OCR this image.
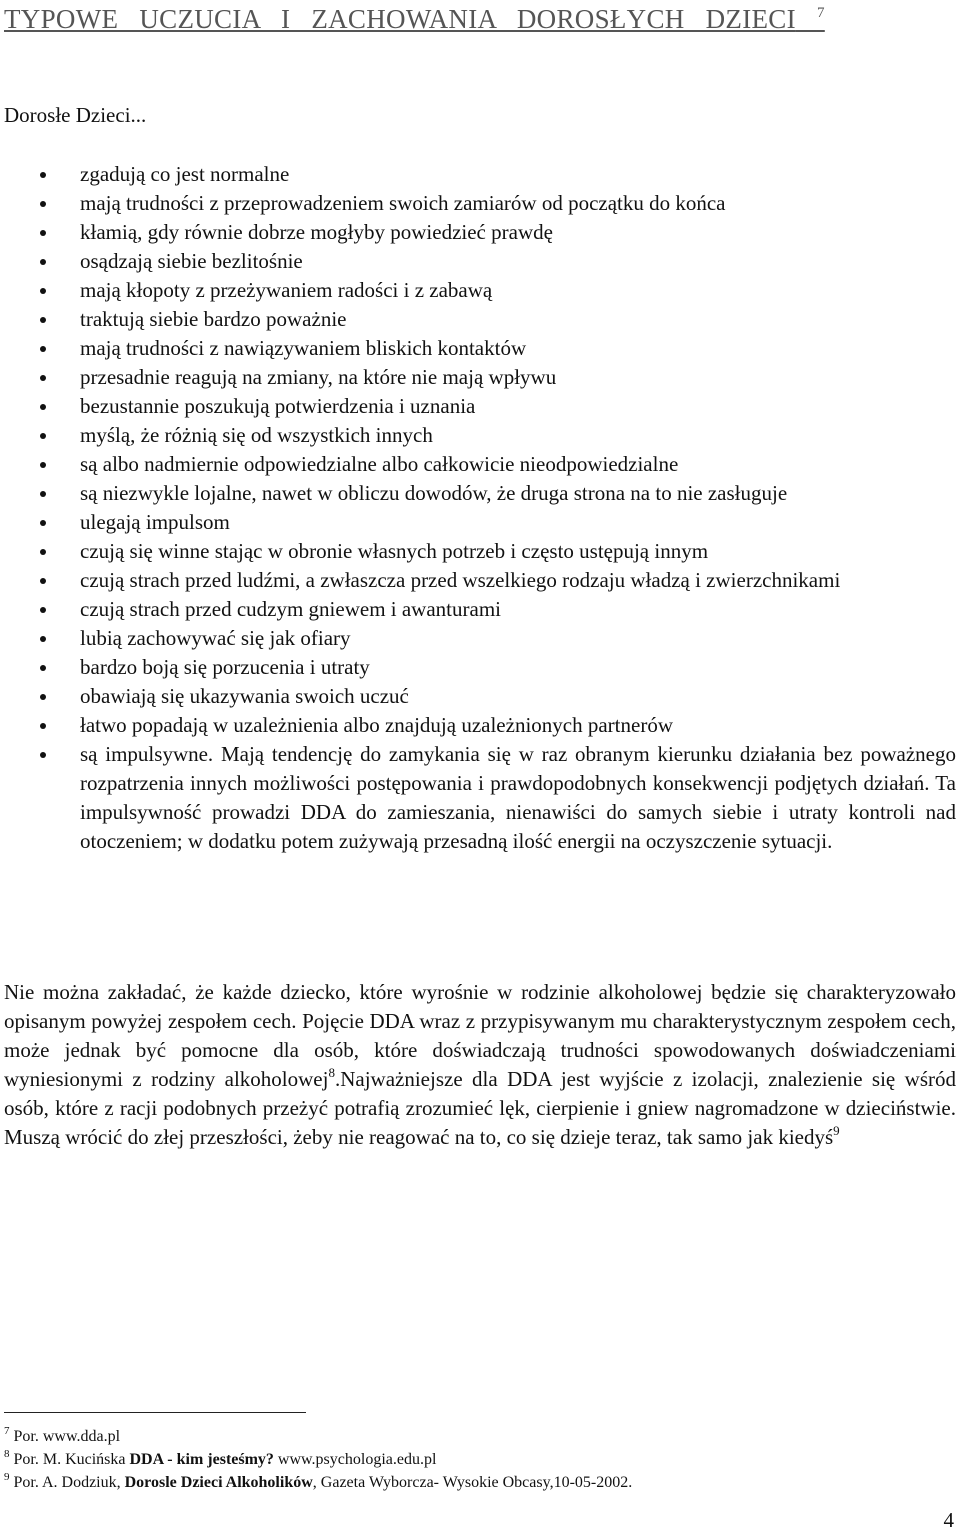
TYPOWE UCZUCIA I ZACHOWANIA DOROSŁYCH DZIECI $^7$
Dorosłe Dzieci...
zgadują co jest normalne
mają trudności z przeprowadzeniem swoich zamiarów od początku do końca
kłamią, gdy równie dobrze mogłyby powiedzieć prawdę
osądzają siebie bezlitośnie
mają kłopoty z przeżywaniem radości i z zabawą
traktują siebie bardzo poważnie
mają trudności z nawiązywaniem bliskich kontaktów
przesadnie reagują na zmiany, na które nie mają wpływu
bezustannie poszukują potwierdzenia i uznania
myślą, że różnią się od wszystkich innych
są albo nadmiernie odpowiedzialne albo całkowicie nieodpowiedzialne
są niezwykle lojalne, nawet w obliczu dowodów, że druga strona na to nie zasługuje
ulegają impulsom
czują się winne stając w obronie własnych potrzeb i często ustępują innym
czują strach przed ludźmi, a zwłaszcza przed wszelkiego rodzaju władzą i zwierzchnikami
czują strach przed cudzym gniewem i awanturami
lubią zachowywać się jak ofiary
bardzo boją się porzucenia i utraty
obawiają się ukazywania swoich uczuć
łatwo popadają w uzależnienia albo znajdują uzależnionych partnerów
są impulsywne. Mają tendencję do zamykania się w raz obranym kierunku działania bez poważnego rozpatrzenia innych możliwości postępowania i prawdopodobnych konsekwencji podjętych działań. Ta impulsywność prowadzi DDA do zamieszania, nienawiści do samych siebie i utraty kontroli nad otoczeniem; w dodatku potem zużywają przesadną ilość energii na oczyszczenie sytuacji.

Nie można zakładać, że każde dziecko, które wyrośnie w rodzinie alkoholowej będzie się charakteryzowało opisanym powyżej zespołem cech. Pojęcie DDA wraz z przypisywanym mu charakterystycznym zespołem cech, może jednak być pomocne dla osób, które doświadczają trudności spowodowanych doświadczeniami wyniesionymi z rodziny alkoholowej$^8$.Najważniejsze dla DDA jest wyjście z izolacji, znalezienie się wśród osób, które z racji podobnych przeżyć potrafią zrozumieć lęk, cierpienie i gniew nagromadzone w dzieciństwie. Muszą wrócić do złej przeszłości, żeby nie reagować na to, co się dzieje teraz, tak samo jak kiedyś$^9$

$^7$ Por. www.dda.pl
$^8$ Por. M. Kucińska DDA - kim jesteśmy? www.psychologia.edu.pl
$^9$ Por. A. Dodziuk, Dorosle Dzieci Alkoholików, Gazeta Wyborcza- Wysokie Obcasy,10-05-2002.
4
